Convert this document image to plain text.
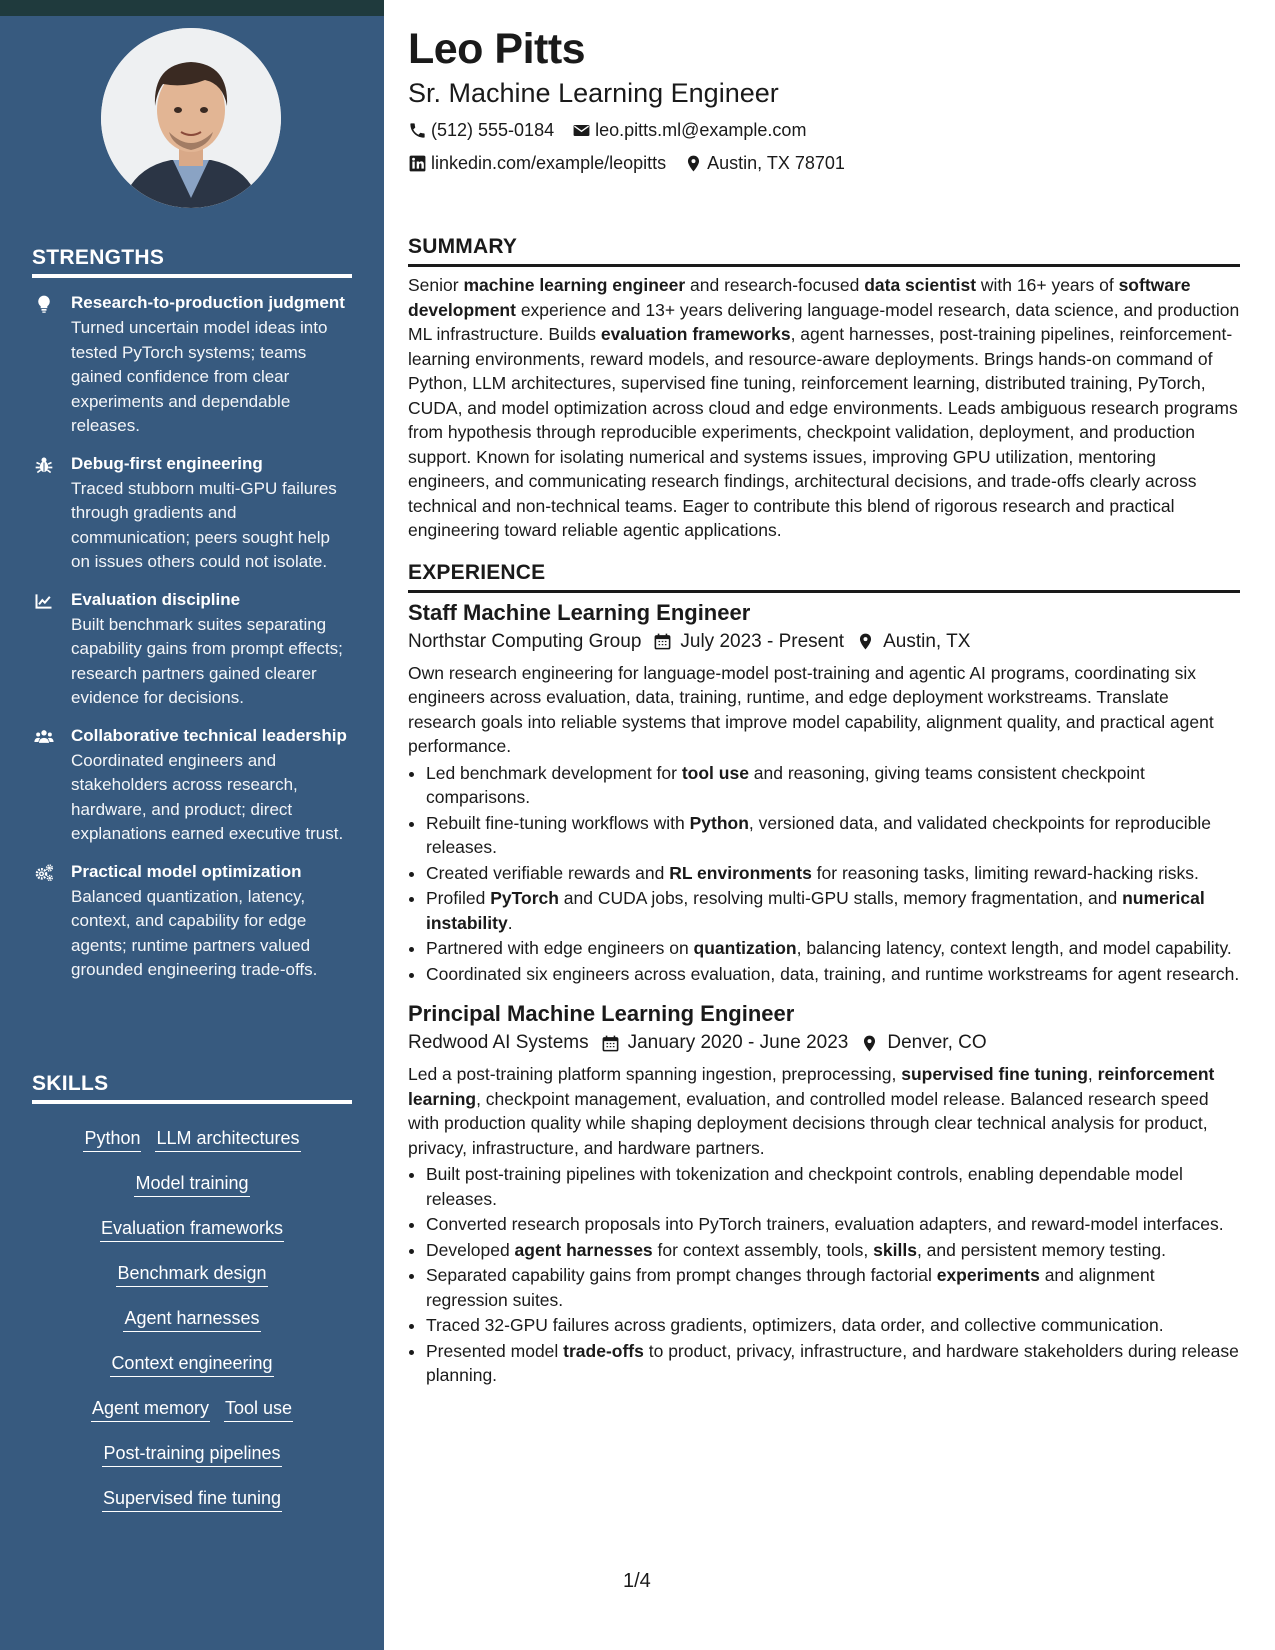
STRENGTHS
Research-to-production judgment
Turned uncertain model ideas into tested PyTorch systems; teams gained confidence from clear experiments and dependable releases.
Debug-first engineering
Traced stubborn multi-GPU failures through gradients and communication; peers sought help on issues others could not isolate.
Evaluation discipline
Built benchmark suites separating capability gains from prompt effects; research partners gained clearer evidence for decisions.
Collaborative technical leadership
Coordinated engineers and stakeholders across research, hardware, and product; direct explanations earned executive trust.
Practical model optimization
Balanced quantization, latency, context, and capability for edge agents; runtime partners valued grounded engineering trade-offs.
SKILLS
Python LLM architectures
Model training
Evaluation frameworks
Benchmark design
Agent harnesses
Context engineering
Agent memory Tool use
Post-training pipelines
Supervised fine tuning
Leo Pitts
Sr. Machine Learning Engineer
(512) 555-0184 leo.pitts.ml@example.com
linkedin.com/example/leopitts Austin, TX 78701
SUMMARY

Senior machine learning engineer and research-focused data scientist with 16+ years of software development experience and 13+ years delivering language-model research, data science, and production ML infrastructure. Builds evaluation frameworks, agent harnesses, post-training pipelines, reinforcement-learning environments, reward models, and resource-aware deployments. Brings hands-on command of Python, LLM architectures, supervised fine tuning, reinforcement learning, distributed training, PyTorch, CUDA, and model optimization across cloud and edge environments. Leads ambiguous research programs from hypothesis through reproducible experiments, checkpoint validation, deployment, and production support. Known for isolating numerical and systems issues, improving GPU utilization, mentoring engineers, and communicating research findings, architectural decisions, and trade-offs clearly across technical and non-technical teams. Eager to contribute this blend of rigorous research and practical engineering toward reliable agentic applications.

EXPERIENCE
Staff Machine Learning Engineer
Northstar Computing Group July 2023 - Present Austin, TX

Own research engineering for language-model post-training and agentic AI programs, coordinating six engineers across evaluation, data, training, runtime, and edge deployment workstreams. Translate research goals into reliable systems that improve model capability, alignment quality, and practical agent performance.

• Led benchmark development for tool use and reasoning, giving teams consistent checkpoint comparisons.
• Rebuilt fine-tuning workflows with Python, versioned data, and validated checkpoints for reproducible releases.
• Created verifiable rewards and RL environments for reasoning tasks, limiting reward-hacking risks.
• Profiled PyTorch and CUDA jobs, resolving multi-GPU stalls, memory fragmentation, and numerical instability.
• Partnered with edge engineers on quantization, balancing latency, context length, and model capability.
• Coordinated six engineers across evaluation, data, training, and runtime workstreams for agent research.
Principal Machine Learning Engineer
Redwood AI Systems January 2020 - June 2023 Denver, CO

Led a post-training platform spanning ingestion, preprocessing, supervised fine tuning, reinforcement learning, checkpoint management, evaluation, and controlled model release. Balanced research speed with production quality while shaping deployment decisions through clear technical analysis for product, privacy, infrastructure, and hardware partners.

• Built post-training pipelines with tokenization and checkpoint controls, enabling dependable model releases.
• Converted research proposals into PyTorch trainers, evaluation adapters, and reward-model interfaces.
• Developed agent harnesses for context assembly, tools, skills, and persistent memory testing.
• Separated capability gains from prompt changes through factorial experiments and alignment regression suites.
• Traced 32-GPU failures across gradients, optimizers, data order, and collective communication.
• Presented model trade-offs to product, privacy, infrastructure, and hardware stakeholders during release planning.
1/4
